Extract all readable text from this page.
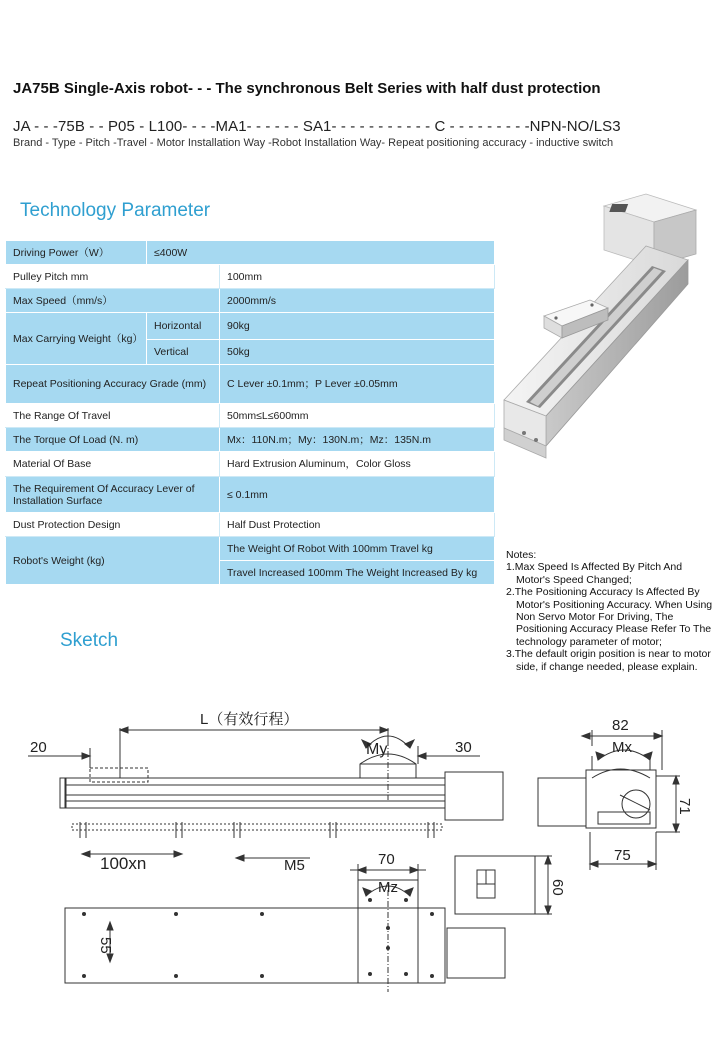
JA75B Single-Axis robot- - - The synchronous Belt Series with half dust protection
JA - - -75B - - P05 - L100- - - -MA1- - - - - - SA1- - - - - - - - - - - C - - - - - - - - -NPN-NO/LS3
Brand - Type - Pitch -Travel - Motor Installation Way -Robot Installation Way- Repeat positioning accuracy - inductive switch
Technology Parameter
Driving Power（W）	≤400W	
Pulley Pitch mm		100mm
Max Speed（mm/s）		2000mm/s
Max Carrying Weight（kg）	Horizontal	90kg
	Vertical	50kg
Repeat Positioning Accuracy Grade (mm)		C Lever ±0.1mm；P Lever ±0.05mm
The Range Of Travel		50mm≤L≤600mm
The Torque Of Load (N. m)		Mx：110N.m；My：130N.m；Mz：135N.m
Material Of Base		Hard Extrusion Aluminum，Color Gloss
The Requirement Of Accuracy Lever of Installation Surface		≤ 0.1mm
Dust Protection Design		Half Dust Protection
Robot's Weight (kg)		The Weight Of Robot With 100mm Travel kg
		Travel Increased 100mm The Weight Increased By kg

Notes:

1.Max Speed Is Affected By Pitch And Motor's Speed Changed;

2.The Positioning Accuracy Is Affected By Motor's Positioning Accuracy. When Using Non Servo Motor For Driving, The Positioning Accuracy Please Refer To The technology parameter of motor;

3.The default origin position is near to motor side, if change needed, please explain.

Sketch
L（有效行程）
20	30
My	Mx
Mz
100xn	M5
82
71
75
70
60
55
